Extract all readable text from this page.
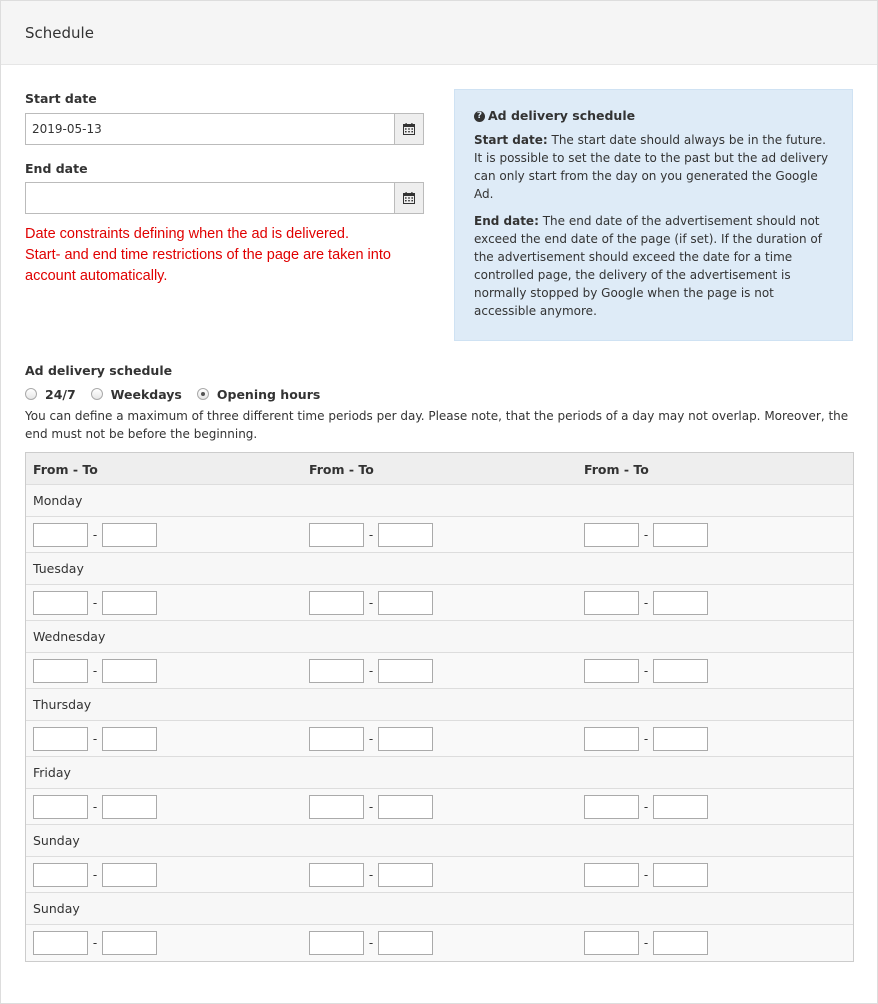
Schedule
Start date
2019-05-13
End date
Date constraints defining when the ad is delivered.
Start- and end time restrictions of the page are taken into
account automatically.
? Ad delivery schedule
Start date: The start date should always be in the future. It is possible to set the date to the past but the ad delivery can only start from the day on you generated the Google Ad.
End date: The end date of the advertisement should not exceed the end date of the page (if set). If the duration of the advertisement should exceed the date for a time controlled page, the delivery of the advertisement is normally stopped by Google when the page is not accessible anymore.
Ad delivery schedule
24/7	Weekdays	Opening hours
You can define a maximum of three different time periods per day. Please note, that the periods of a day may not overlap. Moreover, the end must not be before the beginning.
From - To	From - To	From - To
Monday
-	-	-
Tuesday
-	-	-
Wednesday
-	-	-
Thursday
-	-	-
Friday
-	-	-
Sunday
-	-	-
Sunday
-	-	-
